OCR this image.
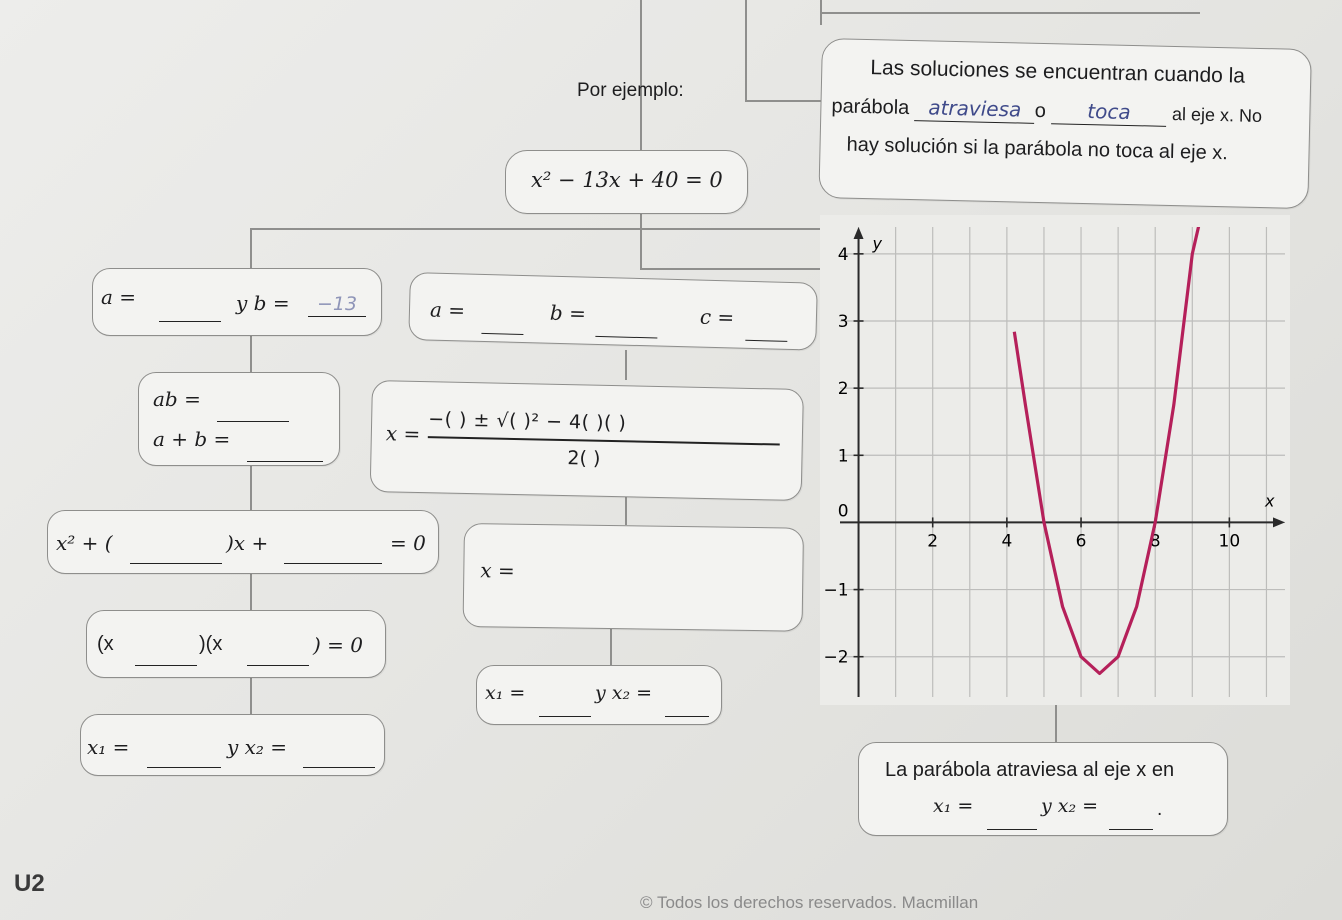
Por ejemplo:
x² − 13x + 40 = 0
Las soluciones se encuentran cuando la
parábola atraviesa o toca al eje x. No
hay solución si la parábola no toca al eje x.
a =	y b =	−13
ab =
a + b =
x² + (	)x +	= 0
(x	)(x	) = 0
x₁ =	y x₂ =
a =	b =	c =
x = −( ) ± √( )² − 4( )( )
2( )
x =
x₁ =	y x₂ =
x
y
2	4	6	8	10
−2
−1
1
2
3
4
0
La parábola atraviesa al eje x en
x₁ =	y x₂ =	.
U2
© Todos los derechos reservados. Macmillan
